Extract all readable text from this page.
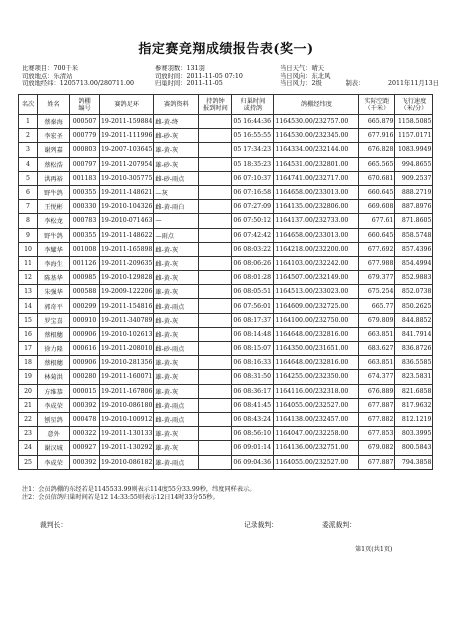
指定赛竞翔成绩报告表(奖一)
比赛项目：700千米	参赛羽数：131羽	当日天气：晴天
司放地点：乐清站	司放时间：2011-11-05 07:10	当日风向：东北风
司放地经纬：1205713.00/280711.00	归巢时间：2011-11-05	当日风力：2级	制表：	2011年11月13日
名次	姓名	鸽棚
编号	赛鸽足环	赛鸽资料	持鸽钟
报到时间	归巢时间
或持鸽	鸽棚经纬度	实际空距
（千米）	飞行速度
（米/分）
1	蔡秦海	000507	19-2011-159884	雌-黄-绛		05 16:44:36	1164530.00/232757.00	665.879	1158.5085
2	李宏圣	000779	19-2011-111996	雌-砂-灰		05 16:55:55	1164530.00/232345.00	677.916	1157.0171
3	谢列嘉	000803	19-2007-103645	雄-黄-灰		05 17:34:23	1164334.00/232144.00	676.828	1083.9949
4	蔡松浩	000797	19-2011-207954	雄-砂-灰		05 18:35:23	1164531.00/232801.00	665.565	994.8655
5	洪再裕	001183	19-2010-305775	雌-砂-雨点		06 07:10:37	1164741.00/232717.00	670.681	909.2537
6	野牛鸽	000355	19-2011-148621	—灰		06 07:16:58	1164658.00/233013.00	660.645	888.2719
7	王悦彬	000330	19-2010-104326	雌-黄-雨白		06 07:27:09	1164135.00/232806.00	669.608	887.8976
8	李松龙	000783	19-2010-071463	—		06 07:50:12	1164137.00/232733.00	677.61	871.8605
9	野牛鸽	000355	19-2011-148622	—雨点		06 07:42:42	1164658.00/233013.00	660.645	858.5748
10	李耀华	001008	19-2011-165898	雌-黄-灰		06 08:03:22	1164218.00/232200.00	677.692	857.4396
11	李海生	001126	19-2011-209635	雌-黄-灰		06 08:06:26	1164103.00/232242.00	677.988	854.4994
12	陈基华	000985	19-2010-129828	雌-黄-灰		06 08:01:28	1164507.00/232149.00	679.377	852.9883
13	朱强华	000588	19-2009-122206	雄-黄-灰		06 08:05:51	1164513.00/233023.00	675.254	852.0738
14	郭奇平	000299	19-2011-154816	雌-黄-雨点		06 07:56:01	1164609.00/232725.00	665.77	850.2625
15	罗宝喜	000910	19-2011-340789	雌-黄-灰		06 08:17:37	1164100.00/232750.00	679.809	844.8852
16	蔡根穗	000906	19-2010-102613	雌-黄-灰		06 08:14:48	1164648.00/232816.00	663.851	841.7914
17	徐力隆	000616	19-2011-208010	雌-砂-雨点		06 08:15:07	1164350.00/231651.00	683.627	836.8726
18	蔡根穗	000906	19-2010-281356	雄-黄-灰		06 08:16:33	1164648.00/232816.00	663.851	836.5585
19	林菊洪	000280	19-2011-160071	雄-黄-灰		06 08:31:50	1164255.00/232350.00	674.377	823.5831
20	方维恭	000015	19-2011-167806	雄-黄-灰		06 08:36:17	1164116.00/232318.00	676.889	821.6858
21	李成荣	000392	19-2010-086180	雌-黄-雨点		06 08:41:45	1164055.00/232527.00	677.887	817.9632
22	刨星鸽	000478	19-2010-100912	雌-黄-雨点		06 08:43:24	1164138.00/232457.00	677.882	812.1219
23	意外	000322	19-2011-130133	雄-黄-灰		06 08:56:10	1164047.00/232258.00	677.853	803.3995
24	谢汉城	000927	19-2011-130292	雄-黄-灰		06 09:01:14	1164136.00/232751.00	679.082	800.5843
25	李成荣	000392	19-2010-086182	雄-黄-雨点		06 09:04:36	1164055.00/232527.00	677.887	794.3858
注1：会员鸽棚的东经若是1145533.99则表示114度55分33.99秒，纬度同样表示。
注2：会员信鸽归巢时间若是12 14:33:55则表示12日14时33分55秒。
裁判长：	记录裁判：	委派裁判：
第1页(共1页)
